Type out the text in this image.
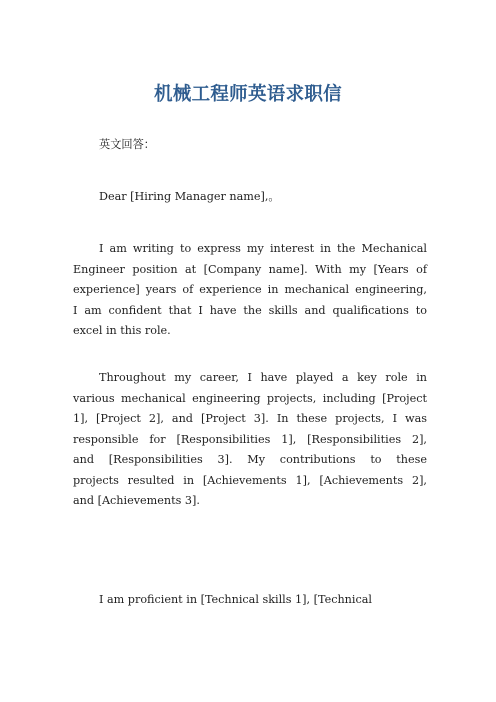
机械工程师英语求职信
英文回答：
Dear [Hiring Manager name],。
I am writing to express my interest in the Mechanical
Engineer position at [Company name]. With my [Years of
experience] years of experience in mechanical engineering,
I am confident that I have the skills and qualifications to
excel in this role.
Throughout my career, I have played a key role in
various mechanical engineering projects, including [Project
1], [Project 2], and [Project 3]. In these projects, I was
responsible for [Responsibilities 1], [Responsibilities 2],
and [Responsibilities 3]. My contributions to these
projects resulted in [Achievements 1], [Achievements 2],
and [Achievements 3].
I am proficient in [Technical skills 1], [Technical
